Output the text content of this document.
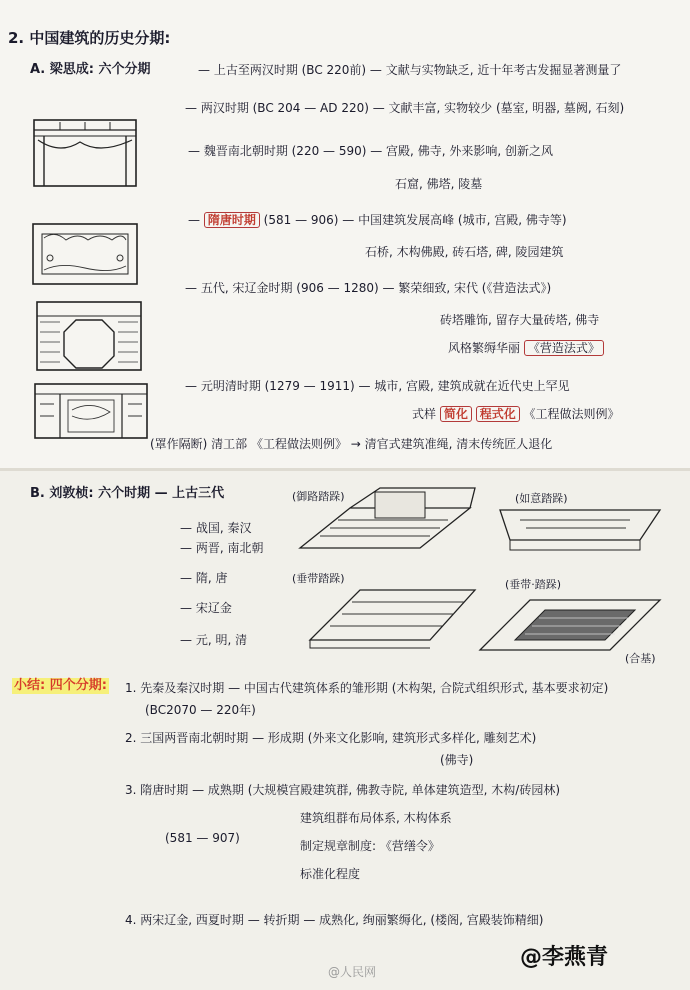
2. 中国建筑的历史分期:
A. 梁思成: 六个分期	— 上古至两汉时期 (BC 220前) — 文献与实物缺乏, 近十年考古发掘显著测量了
— 两汉时期 (BC 204 — AD 220) — 文献丰富, 实物较少 (墓室, 明器, 墓阙, 石刻)
— 魏晋南北朝时期 (220 — 590) — 宫殿, 佛寺, 外来影响, 创新之风
石窟, 佛塔, 陵墓
— 隋唐时期 (581 — 906) — 中国建筑发展高峰 (城市, 宫殿, 佛寺等)
石桥, 木构佛殿, 砖石塔, 碑, 陵园建筑
— 五代, 宋辽金时期 (906 — 1280) — 繁荣细致, 宋代 (《营造法式》)
砖塔雕饰, 留存大量砖塔, 佛寺
风格繁缛华丽 《营造法式》
— 元明清时期 (1279 — 1911) — 城市, 宫殿, 建筑成就在近代史上罕见
式样 简化 程式化 《工程做法则例》
(罩作隔断) 清工部 《工程做法则例》 → 清官式建筑准绳, 清末传统匠人退化
B. 刘敦桢: 六个时期 — 上古三代
— 战国, 秦汉
— 两晋, 南北朝
— 隋, 唐
— 宋辽金
— 元, 明, 清
(御路踏跺)	(如意踏跺)
(垂带踏跺)	(垂带·踏跺)
(合基)
小结: 四个分期: 1. 先秦及秦汉时期 — 中国古代建筑体系的雏形期 (木构架, 合院式组织形式, 基本要求初定)
(BC2070 — 220年)
2. 三国两晋南北朝时期 — 形成期 (外来文化影响, 建筑形式多样化, 雕刻艺术)
(佛寺)
3. 隋唐时期 — 成熟期 (大规模宫殿建筑群, 佛教寺院, 单体建筑造型, 木构/砖园林)
(581 — 907)
建筑组群布局体系, 木构体系
制定规章制度: 《营缮令》
标准化程度
4. 两宋辽金, 西夏时期 — 转折期 — 成熟化, 绚丽繁缛化, (楼阁, 宫殿装饰精细)
@人民网
@李燕青
